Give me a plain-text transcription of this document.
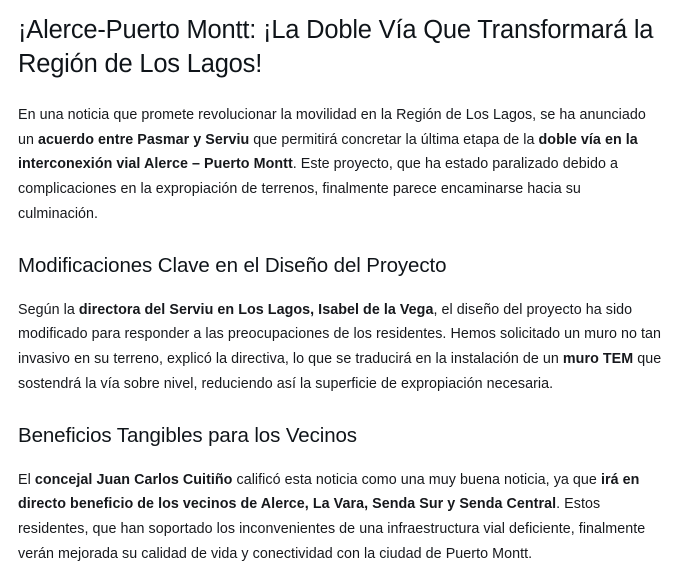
¡Alerce-Puerto Montt: ¡La Doble Vía Que Transformará la Región de Los Lagos!

En una noticia que promete revolucionar la movilidad en la Región de Los Lagos, se ha anunciado un acuerdo entre Pasmar y Serviu que permitirá concretar la última etapa de la doble vía en la interconexión vial Alerce – Puerto Montt. Este proyecto, que ha estado paralizado debido a complicaciones en la expropiación de terrenos, finalmente parece encaminarse hacia su culminación.

Modificaciones Clave en el Diseño del Proyecto

Según la directora del Serviu en Los Lagos, Isabel de la Vega, el diseño del proyecto ha sido modificado para responder a las preocupaciones de los residentes. Hemos solicitado un muro no tan invasivo en su terreno, explicó la directiva, lo que se traducirá en la instalación de un muro TEM que sostendrá la vía sobre nivel, reduciendo así la superficie de expropiación necesaria.

Beneficios Tangibles para los Vecinos

El concejal Juan Carlos Cuitiño calificó esta noticia como una muy buena noticia, ya que irá en directo beneficio de los vecinos de Alerce, La Vara, Senda Sur y Senda Central. Estos residentes, que han soportado los inconvenientes de una infraestructura vial deficiente, finalmente verán mejorada su calidad de vida y conectividad con la ciudad de Puerto Montt.
